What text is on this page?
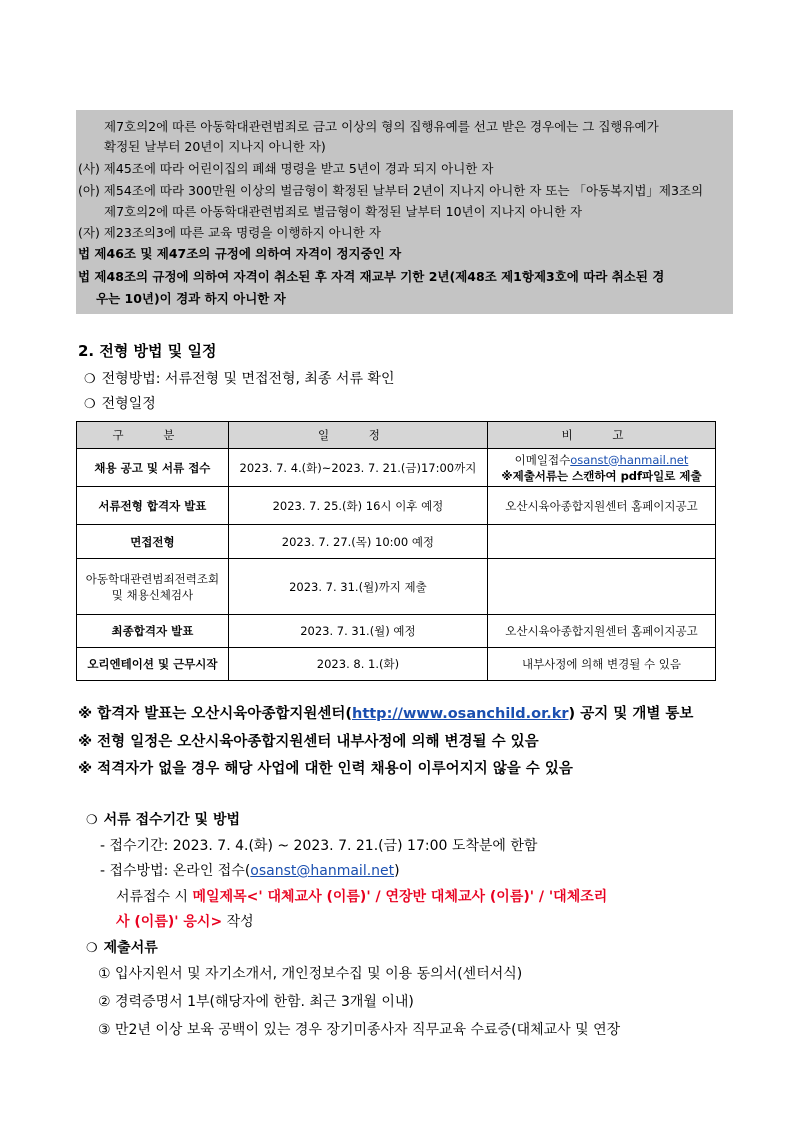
제7호의2에 따른 아동학대관련범죄로 금고 이상의 형의 집행유예를 선고 받은 경우에는 그 집행유예가
확정된 날부터 20년이 지나지 아니한 자)
(사) 제45조에 따라 어린이집의 폐쇄 명령을 받고 5년이 경과 되지 아니한 자
(아) 제54조에 따라 300만원 이상의 벌금형이 확정된 날부터 2년이 지나지 아니한 자 또는 「아동복지법」제3조의
제7호의2에 따른 아동학대관련범죄로 벌금형이 확정된 날부터 10년이 지나지 아니한 자
(자) 제23조의3에 따른 교육 명령을 이행하지 아니한 자
법 제46조 및 제47조의 규정에 의하여 자격이 정지중인 자
법 제48조의 규정에 의하여 자격이 취소된 후 자격 재교부 기한 2년(제48조 제1항제3호에 따라 취소된 경
우는 10년)이 경과 하지 아니한 자
2. 전형 방법 및 일정
❍ 전형방법: 서류전형 및 면접전형, 최종 서류 확인
❍ 전형일정
구 분	일 정	비 고
채용 공고 및 서류 접수	2023. 7. 4.(화)~2023. 7. 21.(금)17:00까지	이메일접수osanst@hanmail.net
※제출서류는 스캔하여 pdf파일로 제출

서류전형 합격자 발표	2023. 7. 25.(화) 16시 이후 예정	오산시육아종합지원센터 홈페이지공고
면접전형	2023. 7. 27.(목) 10:00 예정	

아동학대관련범죄전력조회
및 채용신체검사	2023. 7. 31.(월)까지 제출	
최종합격자 발표	2023. 7. 31.(월) 예정	오산시육아종합지원센터 홈페이지공고
오리엔테이션 및 근무시작	2023. 8. 1.(화)	내부사정에 의해 변경될 수 있음
※ 합격자 발표는 오산시육아종합지원센터(http://www.osanchild.or.kr) 공지 및 개별 통보
※ 전형 일정은 오산시육아종합지원센터 내부사정에 의해 변경될 수 있음
※ 적격자가 없을 경우 해당 사업에 대한 인력 채용이 이루어지지 않을 수 있음
❍ 서류 접수기간 및 방법
- 접수기간: 2023. 7. 4.(화) ~ 2023. 7. 21.(금) 17:00 도착분에 한함
- 접수방법: 온라인 접수(osanst@hanmail.net)
서류접수 시 메일제목<' 대체교사 (이름)' / 연장반 대체교사 (이름)' / '대체조리
사 (이름)' 응시> 작성
❍ 제출서류
① 입사지원서 및 자기소개서, 개인정보수집 및 이용 동의서(센터서식)
② 경력증명서 1부(해당자에 한함. 최근 3개월 이내)
③ 만2년 이상 보육 공백이 있는 경우 장기미종사자 직무교육 수료증(대체교사 및 연장
